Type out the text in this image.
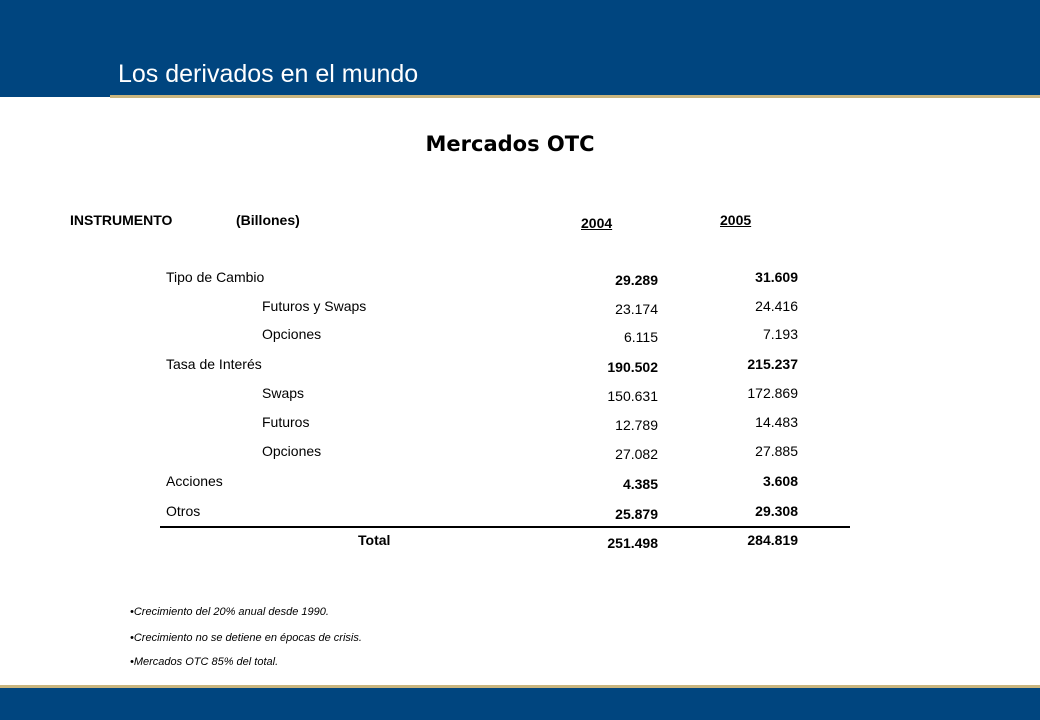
Los derivados en el mundo
Mercados OTC
INSTRUMENTO	(Billones)	2004	2005
Tipo de Cambio	29.289	31.609
Futuros y Swaps	23.174	24.416
Opciones	6.115	7.193
Tasa de Interés	190.502	215.237
Swaps	150.631	172.869
Futuros	12.789	14.483
Opciones	27.082	27.885
Acciones	4.385	3.608
Otros	25.879	29.308
Total	251.498	284.819
•Crecimiento del 20% anual desde 1990.
•Crecimiento no se detiene en épocas de crisis.
•Mercados OTC 85% del total.
